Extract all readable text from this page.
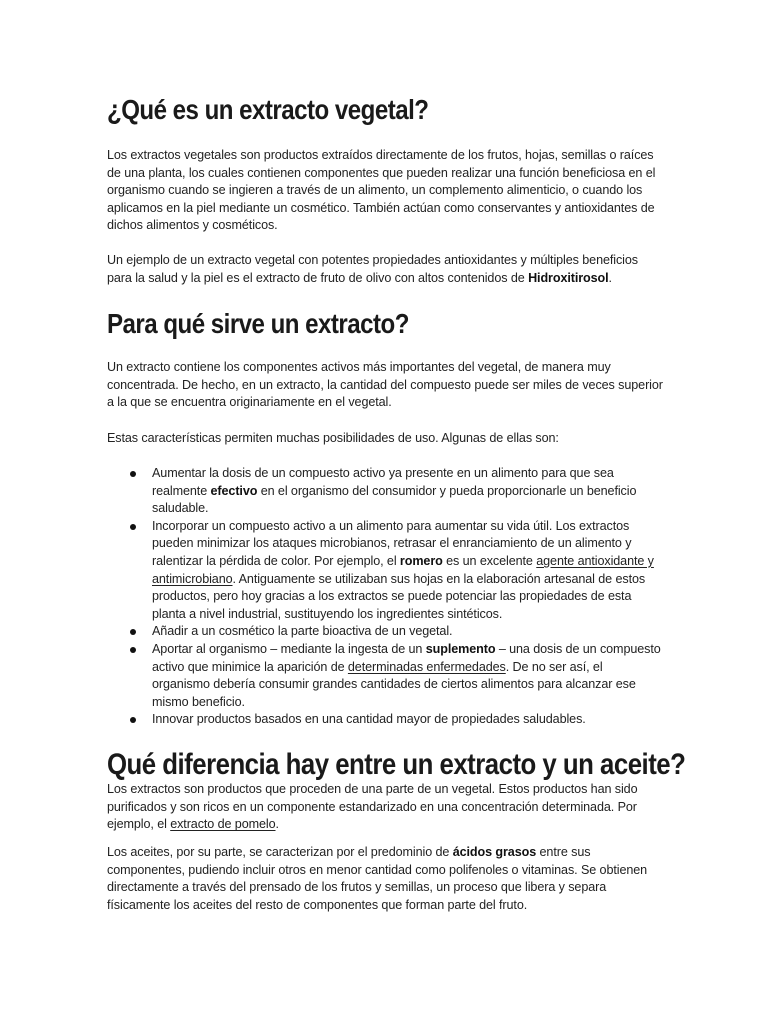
¿Qué es un extracto vegetal?

Los extractos vegetales son productos extraídos directamente de los frutos, hojas, semillas o raíces de una planta, los cuales contienen componentes que pueden realizar una función beneficiosa en el organismo cuando se ingieren a través de un alimento, un complemento alimenticio, o cuando los aplicamos en la piel mediante un cosmético. También actúan como conservantes y antioxidantes de dichos alimentos y cosméticos.

Un ejemplo de un extracto vegetal con potentes propiedades antioxidantes y múltiples beneficios para la salud y la piel es el extracto de fruto de olivo con altos contenidos de Hidroxitirosol.

Para qué sirve un extracto?

Un extracto contiene los componentes activos más importantes del vegetal, de manera muy concentrada. De hecho, en un extracto, la cantidad del compuesto puede ser miles de veces superior a la que se encuentra originariamente en el vegetal.

Estas características permiten muchas posibilidades de uso. Algunas de ellas son:

Aumentar la dosis de un compuesto activo ya presente en un alimento para que sea realmente efectivo en el organismo del consumidor y pueda proporcionarle un beneficio saludable.
Incorporar un compuesto activo a un alimento para aumentar su vida útil. Los extractos pueden minimizar los ataques microbianos, retrasar el enranciamiento de un alimento y ralentizar la pérdida de color. Por ejemplo, el romero es un excelente agente antioxidante y antimicrobiano. Antiguamente se utilizaban sus hojas en la elaboración artesanal de estos productos, pero hoy gracias a los extractos se puede potenciar las propiedades de esta planta a nivel industrial, sustituyendo los ingredientes sintéticos.
Añadir a un cosmético la parte bioactiva de un vegetal.
Aportar al organismo – mediante la ingesta de un suplemento – una dosis de un compuesto activo que minimice la aparición de determinadas enfermedades. De no ser así, el organismo debería consumir grandes cantidades de ciertos alimentos para alcanzar ese mismo beneficio.
Innovar productos basados en una cantidad mayor de propiedades saludables.
Qué diferencia hay entre un extracto y un aceite?

Los extractos son productos que proceden de una parte de un vegetal. Estos productos han sido purificados y son ricos en un componente estandarizado en una concentración determinada. Por ejemplo, el extracto de pomelo.

Los aceites, por su parte, se caracterizan por el predominio de ácidos grasos entre sus componentes, pudiendo incluir otros en menor cantidad como polifenoles o vitaminas. Se obtienen directamente a través del prensado de los frutos y semillas, un proceso que libera y separa físicamente los aceites del resto de componentes que forman parte del fruto.
